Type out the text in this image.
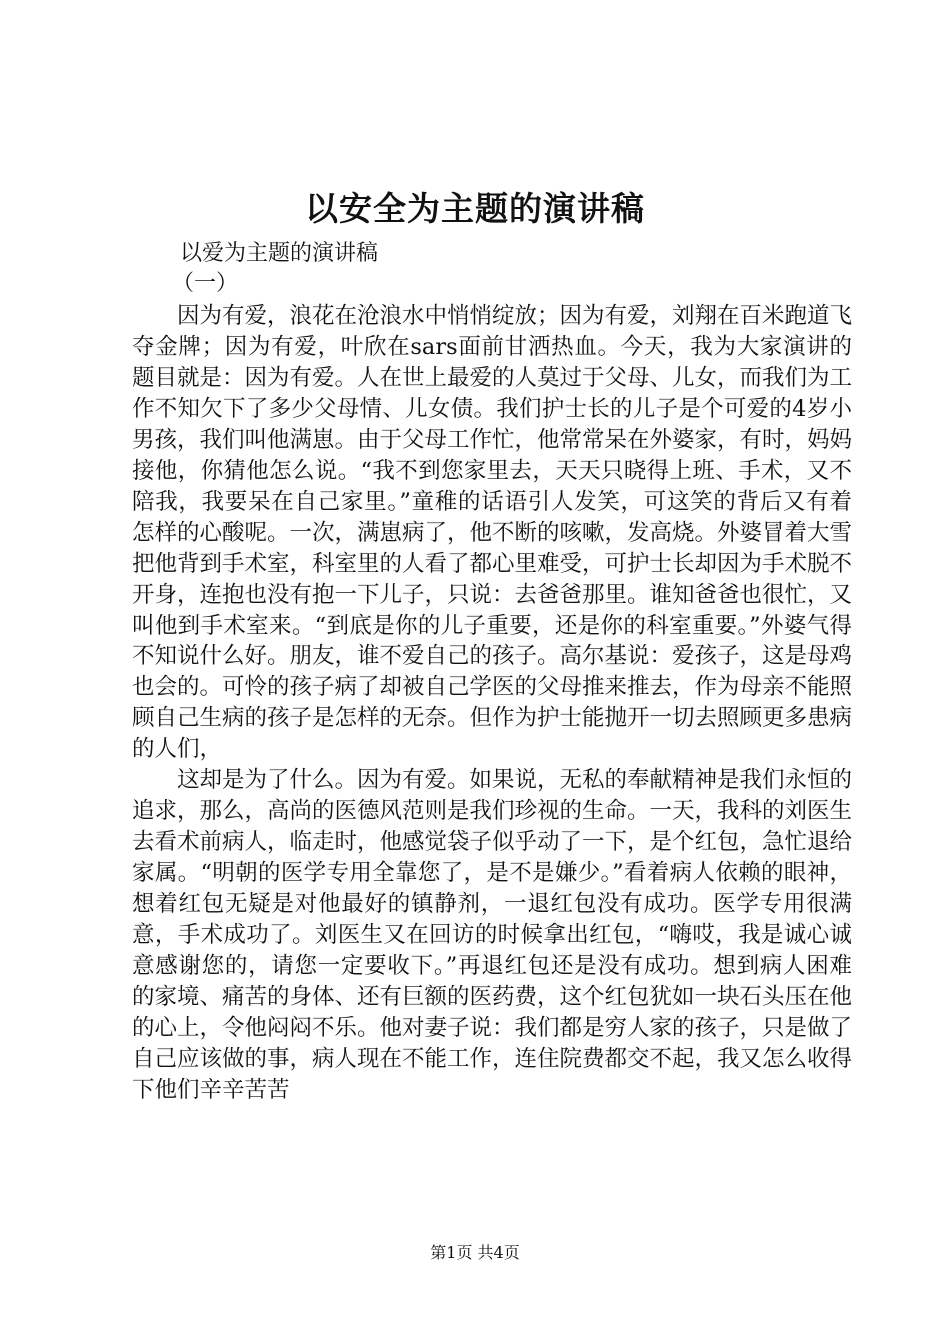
以安全为主题的演讲稿
以爱为主题的演讲稿
（一）

因为有爱，浪花在沧浪水中悄悄绽放；因为有爱，刘翔在百米跑道飞夺金牌；因为有爱，叶欣在sars面前甘洒热血。今天，我为大家演讲的题目就是：因为有爱。人在世上最爱的人莫过于父母、儿女，而我们为工作不知欠下了多少父母情、儿女债。我们护士长的儿子是个可爱的4岁小男孩，我们叫他满崽。由于父母工作忙，他常常呆在外婆家，有时，妈妈接他，你猜他怎么说。“我不到您家里去，天天只晓得上班、手术，又不陪我，我要呆在自己家里。”童稚的话语引人发笑，可这笑的背后又有着怎样的心酸呢。一次，满崽病了，他不断的咳嗽，发高烧。外婆冒着大雪把他背到手术室，科室里的人看了都心里难受，可护士长却因为手术脱不开身，连抱也没有抱一下儿子，只说：去爸爸那里。谁知爸爸也很忙，又叫他到手术室来。“到底是你的儿子重要，还是你的科室重要。”外婆气得不知说什么好。朋友，谁不爱自己的孩子。高尔基说：爱孩子，这是母鸡也会的。可怜的孩子病了却被自己学医的父母推来推去，作为母亲不能照顾自己生病的孩子是怎样的无奈。但作为护士能抛开一切去照顾更多患病的人们，

这却是为了什么。因为有爱。如果说，无私的奉献精神是我们永恒的追求，那么，高尚的医德风范则是我们珍视的生命。一天，我科的刘医生去看术前病人，临走时，他感觉袋子似乎动了一下，是个红包，急忙退给家属。“明朝的医学专用全靠您了，是不是嫌少。”看着病人依赖的眼神，想着红包无疑是对他最好的镇静剂，一退红包没有成功。医学专用很满意，手术成功了。刘医生又在回访的时候拿出红包，“嗨哎，我是诚心诚意感谢您的，请您一定要收下。”再退红包还是没有成功。想到病人困难的家境、痛苦的身体、还有巨额的医药费，这个红包犹如一块石头压在他的心上，令他闷闷不乐。他对妻子说：我们都是穷人家的孩子，只是做了自己应该做的事，病人现在不能工作，连住院费都交不起，我又怎么收得下他们辛辛苦苦

第1页 共4页
